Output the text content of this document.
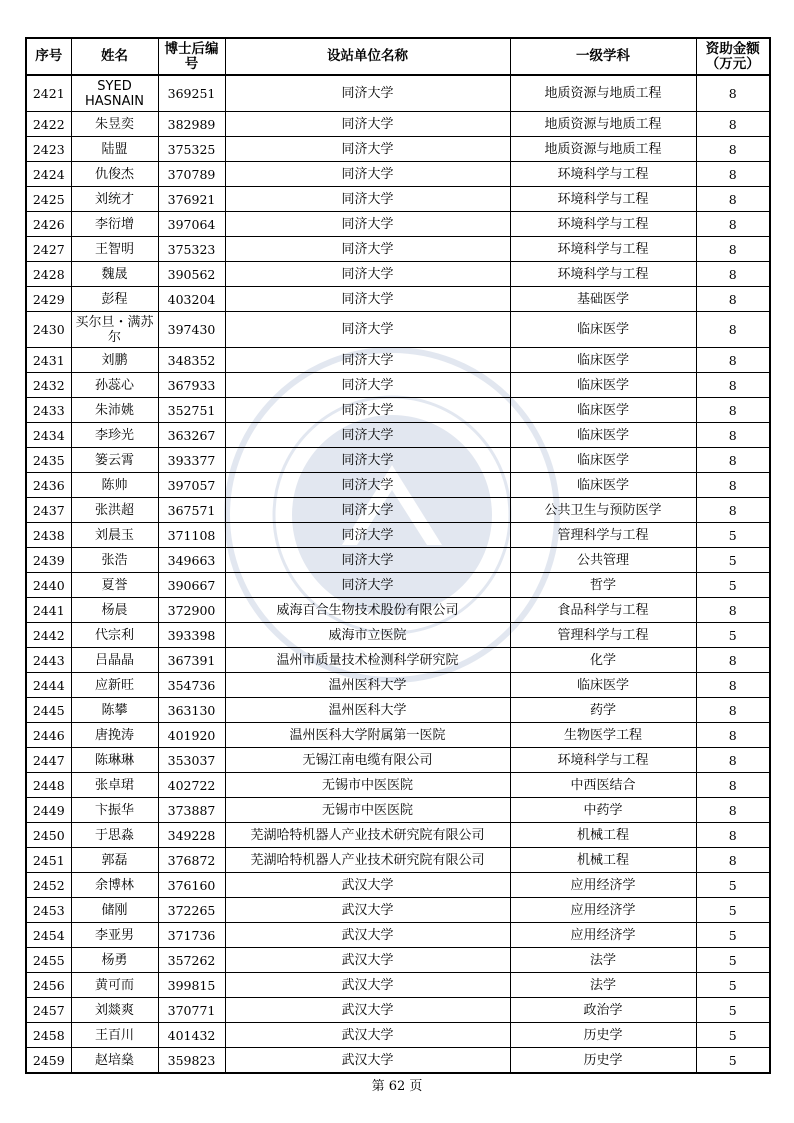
序号	姓名	博士后编号	设站单位名称	一级学科	资助金额（万元）
2421	SYED HASNAIN	369251	同济大学	地质资源与地质工程	8
2422	朱昱奕	382989	同济大学	地质资源与地质工程	8
2423	陆盟	375325	同济大学	地质资源与地质工程	8
2424	仇俊杰	370789	同济大学	环境科学与工程	8
2425	刘统才	376921	同济大学	环境科学与工程	8
2426	李衍增	397064	同济大学	环境科学与工程	8
2427	王智明	375323	同济大学	环境科学与工程	8
2428	魏晟	390562	同济大学	环境科学与工程	8
2429	彭程	403204	同济大学	基础医学	8
2430	买尔旦・满苏尔	397430	同济大学	临床医学	8
2431	刘鹏	348352	同济大学	临床医学	8
2432	孙蕊心	367933	同济大学	临床医学	8
2433	朱沛姚	352751	同济大学	临床医学	8
2434	李珍光	363267	同济大学	临床医学	8
2435	篓云霄	393377	同济大学	临床医学	8
2436	陈帅	397057	同济大学	临床医学	8
2437	张洪超	367571	同济大学	公共卫生与预防医学	8
2438	刘晨玉	371108	同济大学	管理科学与工程	5
2439	张浩	349663	同济大学	公共管理	5
2440	夏誉	390667	同济大学	哲学	5
2441	杨晨	372900	威海百合生物技术股份有限公司	食品科学与工程	8
2442	代宗利	393398	威海市立医院	管理科学与工程	5
2443	吕晶晶	367391	温州市质量技术检测科学研究院	化学	8
2444	应新旺	354736	温州医科大学	临床医学	8
2445	陈攀	363130	温州医科大学	药学	8
2446	唐挽涛	401920	温州医科大学附属第一医院	生物医学工程	8
2447	陈琳琳	353037	无锡江南电缆有限公司	环境科学与工程	8
2448	张卓珺	402722	无锡市中医医院	中西医结合	8
2449	卞振华	373887	无锡市中医医院	中药学	8
2450	于思淼	349228	芜湖哈特机器人产业技术研究院有限公司	机械工程	8
2451	郭磊	376872	芜湖哈特机器人产业技术研究院有限公司	机械工程	8
2452	余博林	376160	武汉大学	应用经济学	5
2453	储刚	372265	武汉大学	应用经济学	5
2454	李亚男	371736	武汉大学	应用经济学	5
2455	杨勇	357262	武汉大学	法学	5
2456	黄可而	399815	武汉大学	法学	5
2457	刘燚爽	370771	武汉大学	政治学	5
2458	王百川	401432	武汉大学	历史学	5
2459	赵培燊	359823	武汉大学	历史学	5
第 62 页
